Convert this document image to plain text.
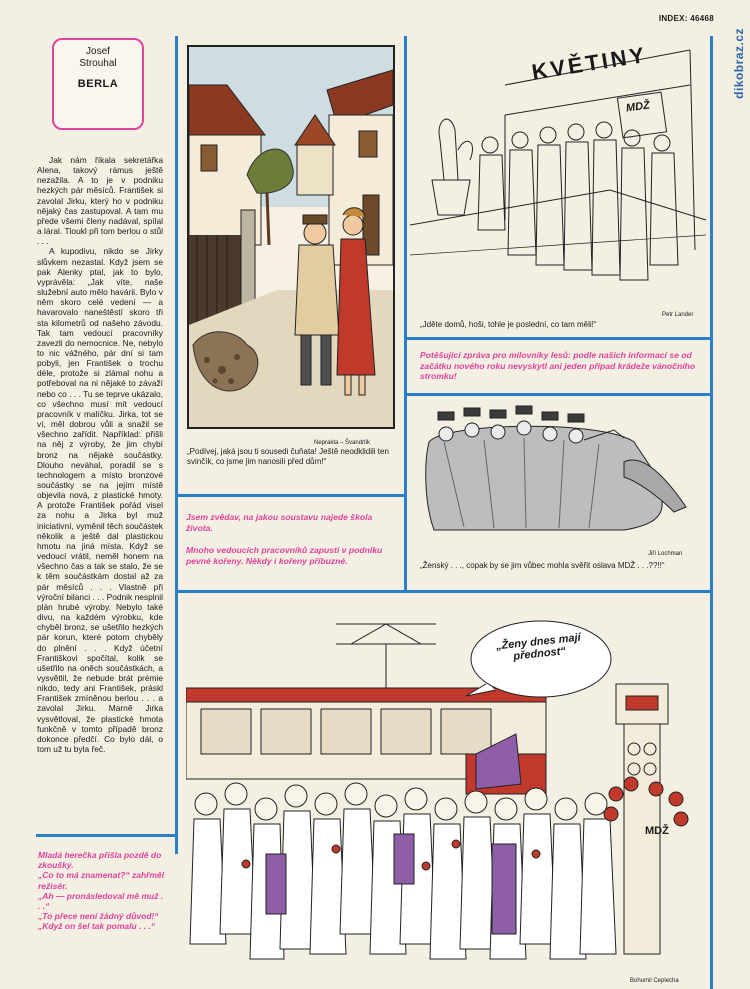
INDEX: 46468
dikobraz.cz
Josef
Strouhal
BERLA

Jak nám říkala sekretářka Alena, takový rámus ještě nezažila. A to je v podniku hezkých pár měsíců. František si zavolal Jirku, který ho v podniku nějaký čas zastupoval. A tam mu přede všemi členy nadával, spílal a láral. Tloukl při tom berlou o stůl . . .

A kupodivu, nikdo se Jirky slůvkem nezastal. Když jsem se pak Alenky ptal, jak to bylo, vyprávěla: „Jak víte, naše služební auto mělo havárii. Bylo v něm skoro celé vedení — a havarovalo naneštěstí skoro tři sta kilometrů od našeho závodu. Tak tam vedoucí pracovníky zavezli do nemocnice. Ne, nebylo to nic vážného, pár dní si tam pobyli, jen František o trochu déle, protože si zlámal nohu a potřeboval na ni nějaké to závaží nebo co . . . Tu se teprve ukázalo, co všechno musí mít vedoucí pracovník v malíčku. Jirka, tot se ví, měl dobrou vůli a snažil se všechno zařídit. Například: přišli na něj z výroby, že jim chybí bronz na nějaké součástky. Dlouho neváhal, poradil se s technologem a místo bronzové součástky se na jejím místě objevila nová, z plastické hmoty. A protože František pořád visel za nohu a Jirka byl muž iniciativní, vyměnil těch součástek několik a ještě dal plastickou hmotu na jiná místa. Když se vedoucí vrátil, neměl honem na všechno čas a tak se stalo, že se k těm součástkám dostal až za pár měsíců . . . Vlastně při výroční bilanci . . . Podnik nesplnil plán hrubé výroby. Nebylo také divu, na každém výrobku, kde chyběl bronz, se ušetřilo hezkých pár korun, které potom chyběly do plnění . . . Když účetní Františkovi spočítal, kolik se ušetřilo na oněch součástkách, a vysvětlil, že nebude brát prémie nikdo, tedy ani František, práskl František zmíněnou berlou . . . a zavolal Jirku. Marně Jirka vysvětloval, že plastické hmota funkčně v tomto případě bronz dokonce předčí. Co bylo dál, o tom už tu byla řeč.

Mladá herečka přišla pozdě do zkoušky.

„Co to má znamenat?“ zahřměl režisér.

„Ah — pronásledoval mě muž . . .“

„To přece není žádný důvod!“

„Když on šel tak pomalu . . .“

Neprakta – Švandrlík
„Podívej, jaká jsou ti sousedi čuňata! Ještě neodklidili ten svinčík, co jsme jim nanosili před dům!“
KVĚTINY
MDŽ
Petr Lander
„Jděte domů, hoši, tohle je poslední, co tam měli!“
Potěšující zpráva pro milovníky lesů: podle našich informací se od začátku nového roku nevyskytl ani jeden případ krádeže vánočního stromku!
Jiří Lochman
„Ženský . . ., copak by se jim vůbec mohla svěřit oslava MDŽ . . .??!!“
Jsem zvědav, na jakou soustavu najede škola života.
Mnoho vedoucích pracovníků zapustí v podniku pevné kořeny. Někdy i kořeny příbuzné.
„Ženy dnes mají přednost“
MDŽ
Bohumil Ceplecha
